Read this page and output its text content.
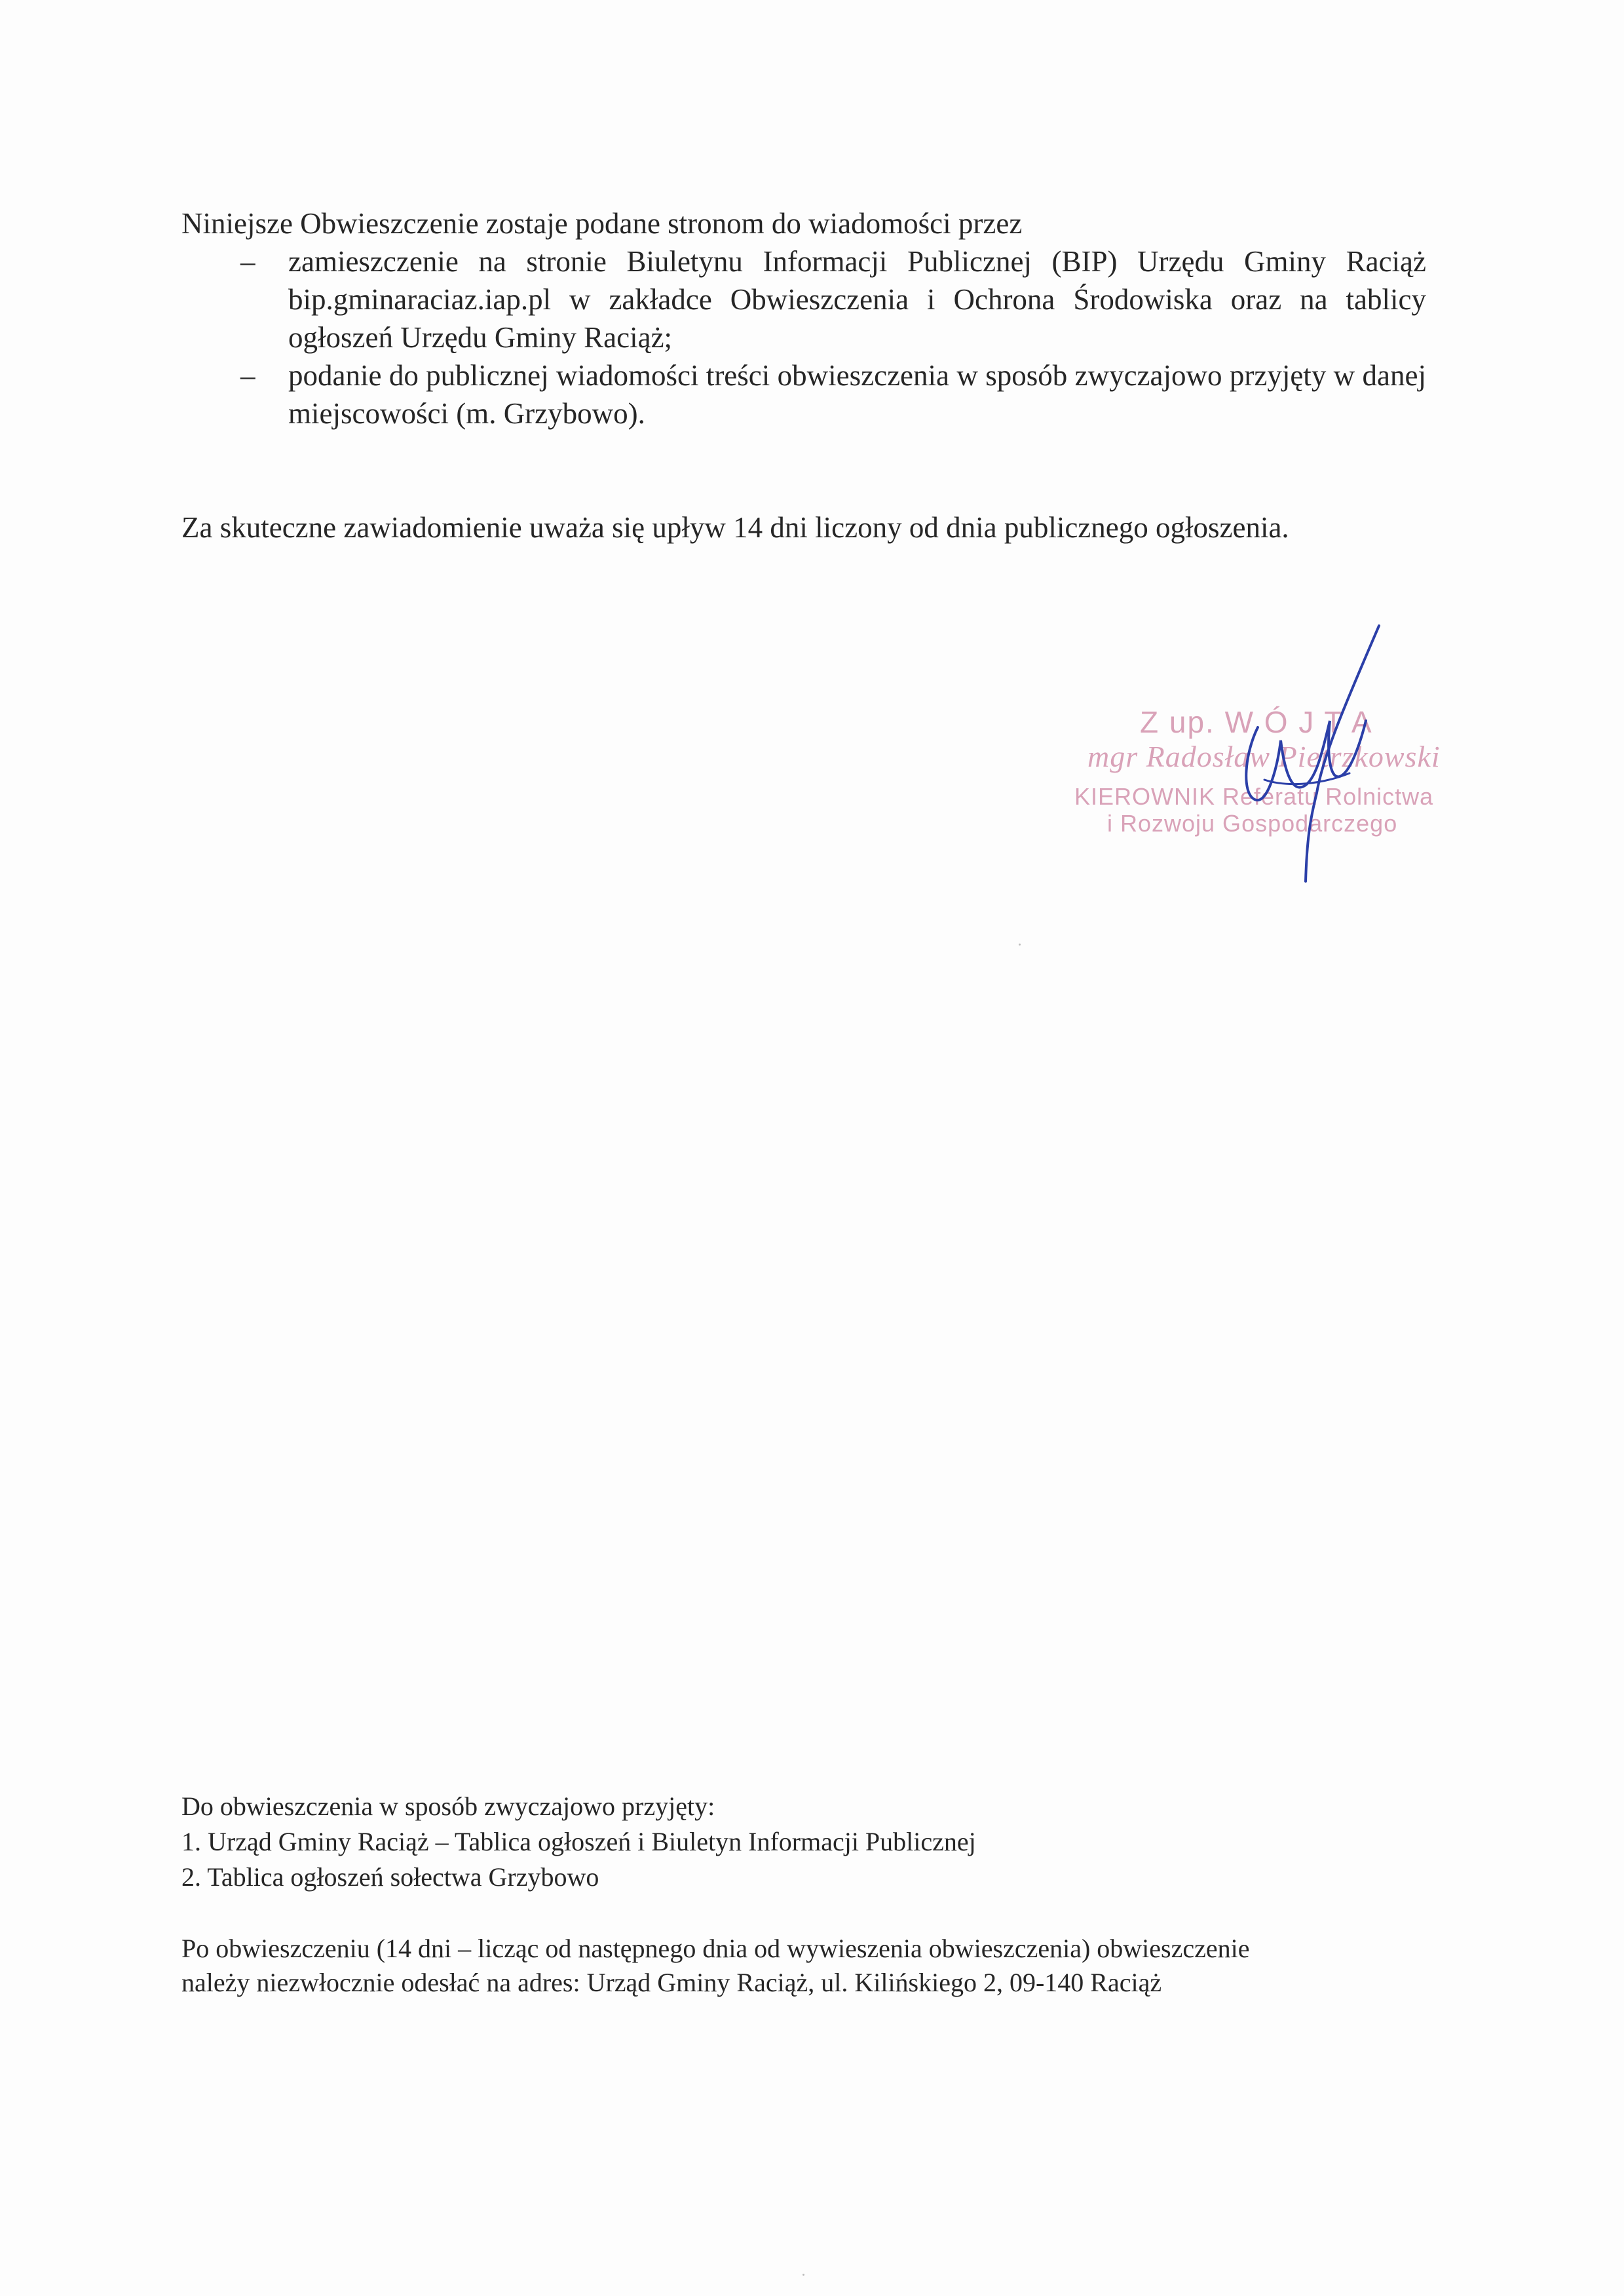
Niniejsze Obwieszczenie zostaje podane stronom do wiadomości przez

– zamieszczenie na stronie Biuletynu Informacji Publicznej (BIP) Urzędu Gminy Raciąż bip.gminaraciaz.iap.pl w zakładce Obwieszczenia i Ochrona Środowiska oraz na tablicy ogłoszeń Urzędu Gminy Raciąż;
– podanie do publicznej wiadomości treści obwieszczenia w sposób zwyczajowo przyjęty w danej miejscowości (m. Grzybowo).

Za skuteczne zawiadomienie uważa się upływ 14 dni liczony od dnia publicznego ogłoszenia.

Z up. W Ó J T A
mgr Radosław Pietrzkowski
KIEROWNIK Referatu Rolnictwa
i Rozwoju Gospodarczego

Do obwieszczenia w sposób zwyczajowo przyjęty:

1. Urząd Gminy Raciąż – Tablica ogłoszeń i Biuletyn Informacji Publicznej

2. Tablica ogłoszeń sołectwa Grzybowo

Po obwieszczeniu (14 dni – licząc od następnego dnia od wywieszenia obwieszczenia) obwieszczenie

należy niezwłocznie odesłać na adres: Urząd Gminy Raciąż, ul. Kilińskiego 2, 09-140 Raciąż
